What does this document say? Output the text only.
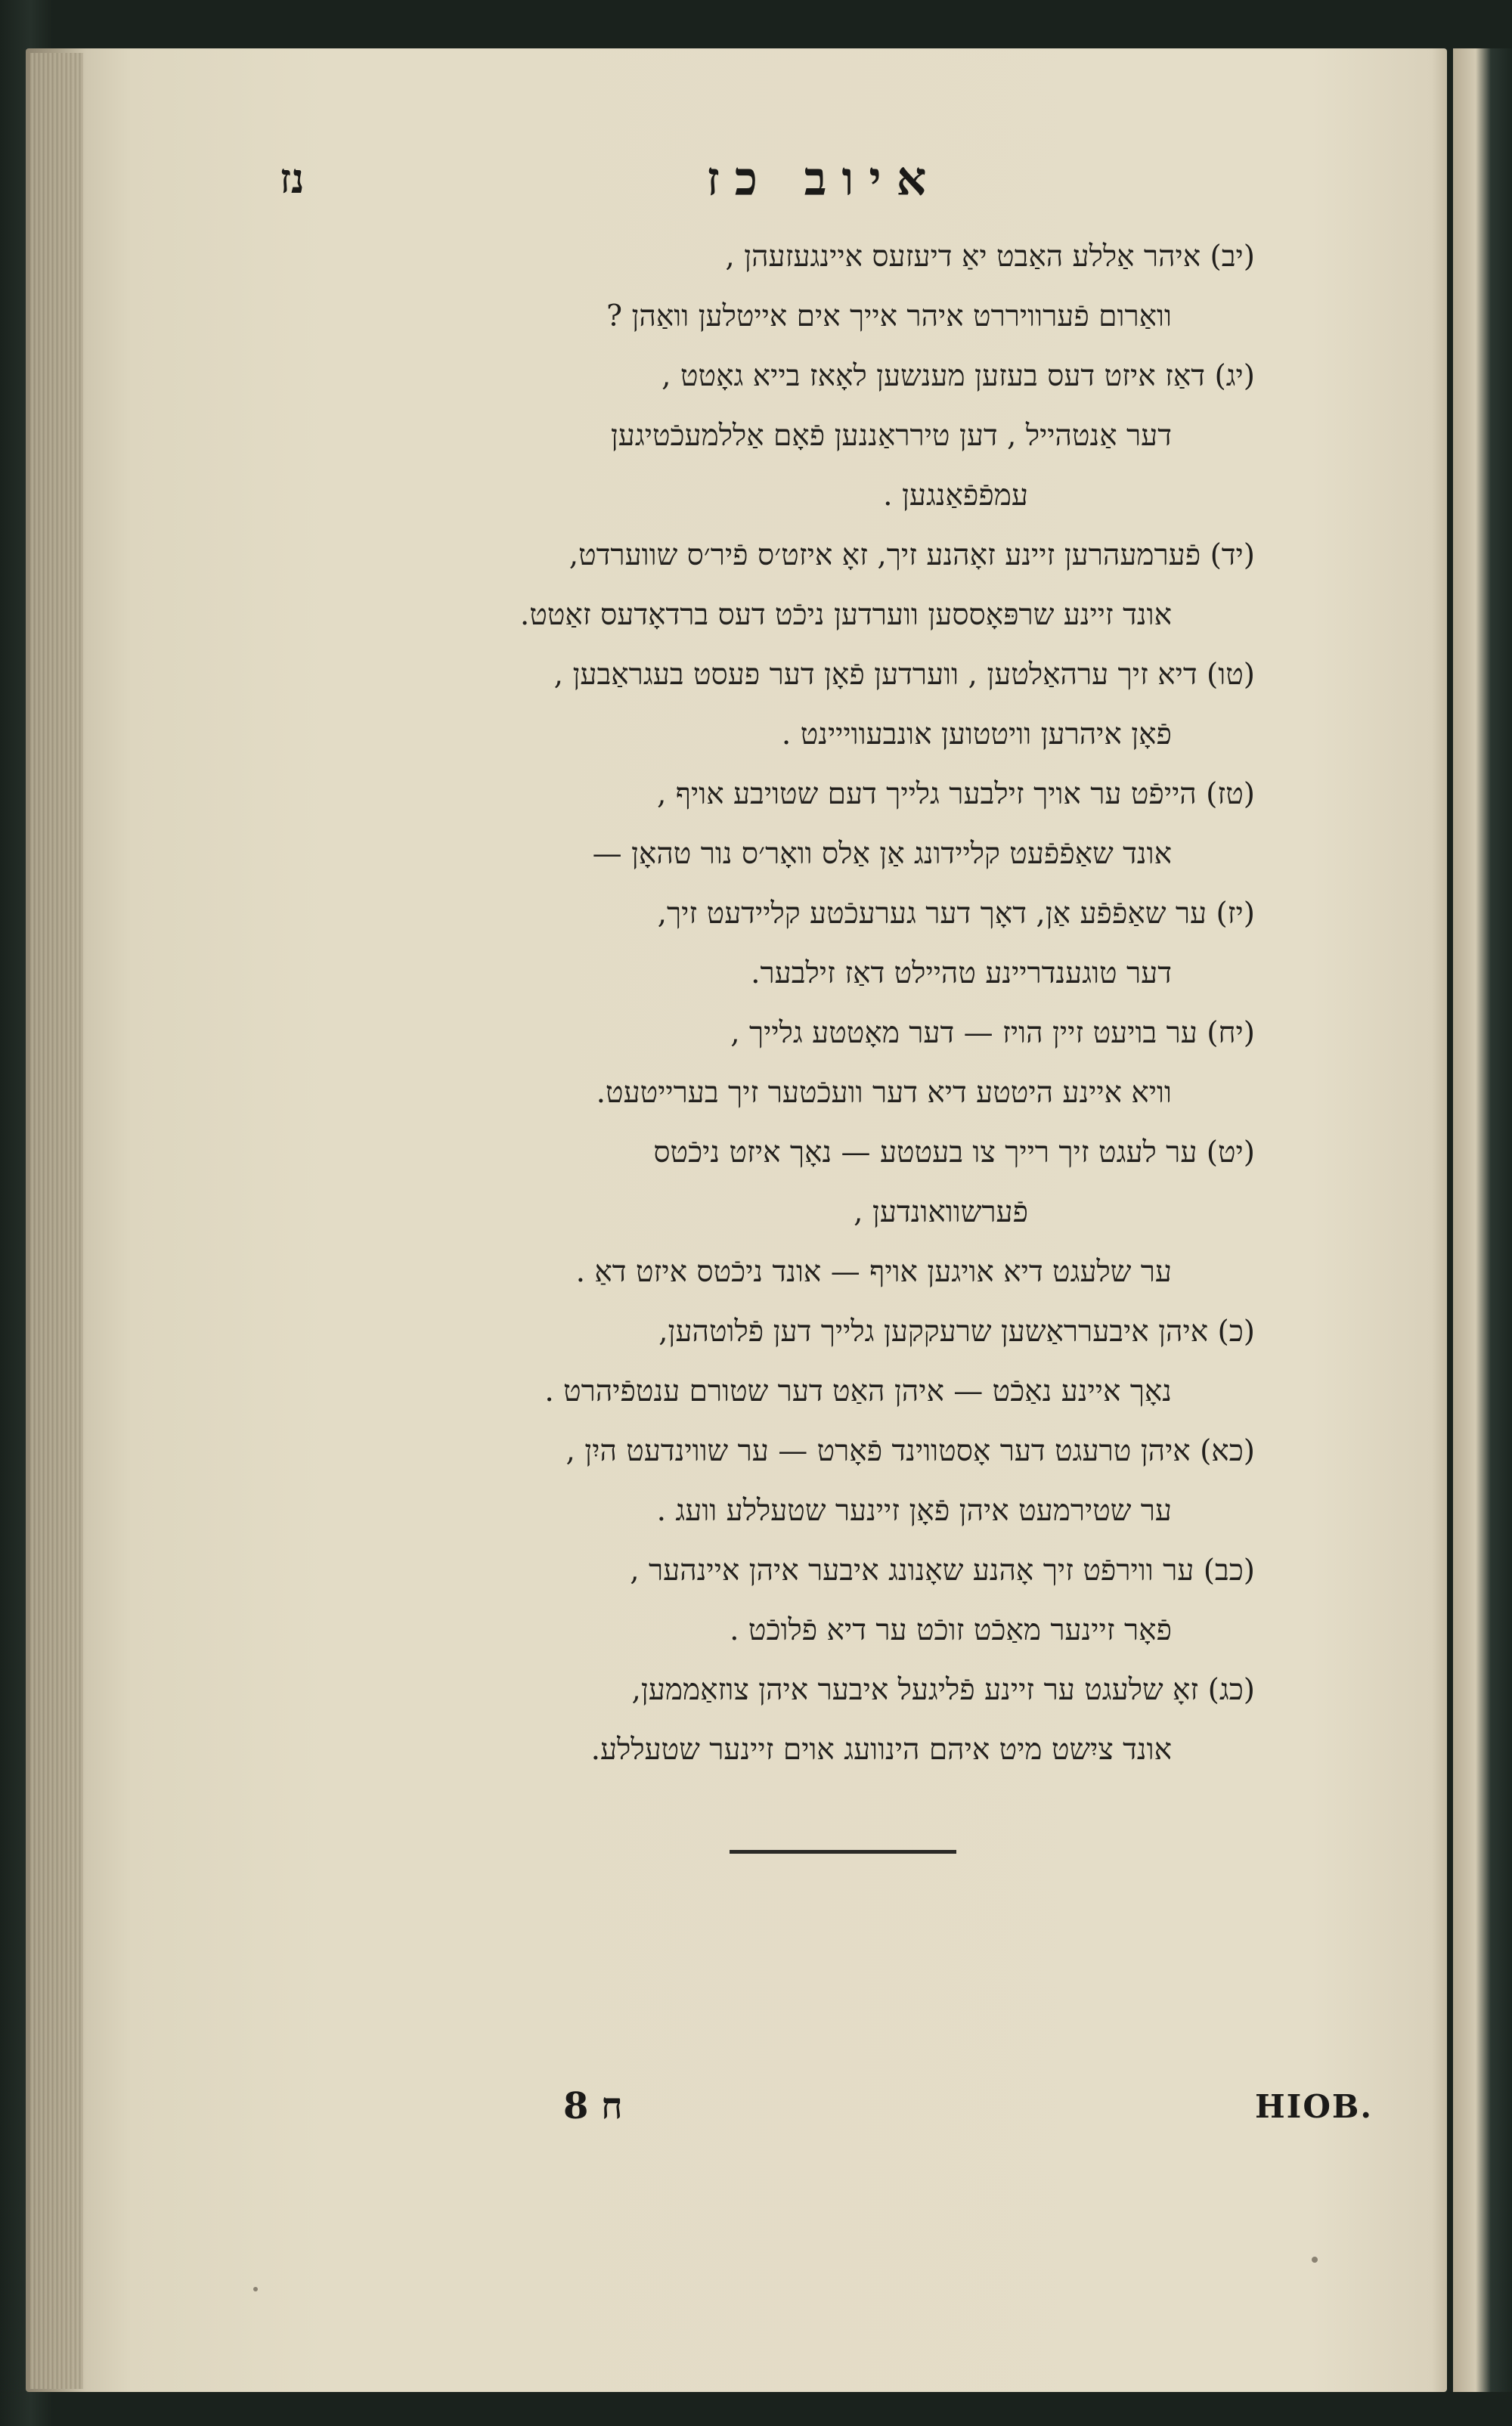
נז	איוב כז
(יב) איהר אַללע האַבט יאַ דיעזעס איינגעזעהן ,
וואַרום פֿערוויררט איהר אייך אים אייטלען וואַהן ?
(יג) דאַז איזט דעס בעזען מענשען לאָאז בייא גאָטט ,
דער אַנטהייל , דען טירראַננען פֿאָם אַללמעכֿטיגען
עמפֿפֿאַנגען .
(יד) פֿערמעהרען זיינע זאָהנע זיך, זאָ איזט׳ס פֿיר׳ס שווערדט,
אונד זיינע שרפּאָססען ווערדען ניכֿט דעס ברדאָדעס זאַטט.
(טו) דיא זיך ערהאַלטען , ווערדען פֿאָן דער פעסט בעגראַבען ,
פֿאָן איהרען וויטטוען אונבעווייינט .
(טז) הייפֿט ער אויך זילבער גלייך דעם שטויבע אויף ,
אונד שאַפֿפֿעט קליידונג אַן אַלס וואָר׳ס נור טהאָן —
(יז) ער שאַפֿפֿע אַן, דאָך דער גערעכֿטע קליידעט זיך,
דער טוגענדריינע טהיילט דאַז זילבער.
(יח) ער בויעט זיין הויז — דער מאָטטע גלייך ,
וויא איינע היטטע דיא דער וועכֿטער זיך בערייטעט.
(יט) ער לעגט זיך רייך צו בעטטע — נאָך איזט ניכֿטס
פֿערשוואונדען ,
ער שלעגט דיא אויגען אויף — אונד ניכֿטס איזט דאַ .
(כ) איהן איבערראַשען שרעקקען גלייך דען פֿלוטהען,
נאָך איינע נאַכֿט — איהן האַט דער שטורם ענטפֿיהרט .
(כא) איהן טרעגט דער אָסטווינד פֿאָרט — ער שווינדעט היִן ,
ער שטירמעט איהן פֿאָן זיינער שטעללע וועג .
(כב) ער ווירפֿט זיך אָהנע שאָנונג איבער איהן איינהער ,
פֿאָר זיינער מאַכֿט זוכֿט ער דיא פֿלוכֿט .
(כג) זאָ שלעגט ער זיינע פֿליגעל איבער איהן צוזאַממען,
אונד ציִשט מיט איהם הינוועג אוים זיינער שטעללע.
ח 8	HIOB.
